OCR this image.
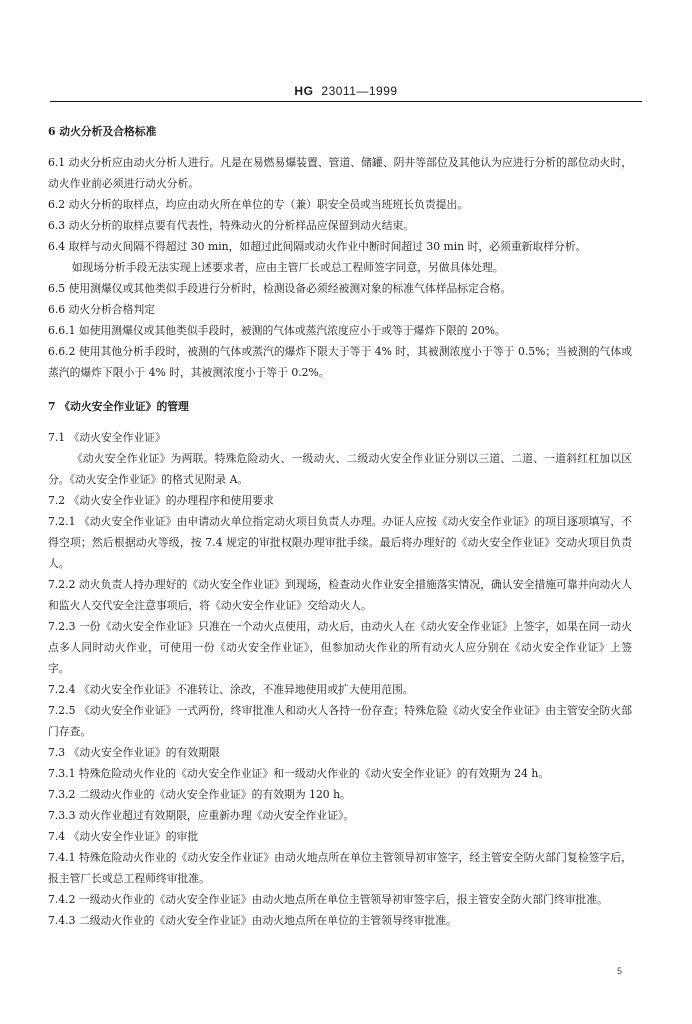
HG 23011—1999

6 动火分析及合格标准

6.1 动火分析应由动火分析人进行。凡是在易燃易爆装置、管道、储罐、阴井等部位及其他认为应进行分析的部位动火时，动火作业前必须进行动火分析。

6.2 动火分析的取样点，均应由动火所在单位的专（兼）职安全员或当班班长负责提出。

6.3 动火分析的取样点要有代表性，特殊动火的分析样品应保留到动火结束。

6.4 取样与动火间隔不得超过 30 min，如超过此间隔或动火作业中断时间超过 30 min 时，必须重新取样分析。

如现场分析手段无法实现上述要求者，应由主管厂长或总工程师签字同意，另做具体处理。

6.5 使用测爆仪或其他类似手段进行分析时，检测设备必须经被测对象的标准气体样品标定合格。

6.6 动火分析合格判定

6.6.1 如使用测爆仪或其他类似手段时，被测的气体或蒸汽浓度应小于或等于爆炸下限的 20%。

6.6.2 使用其他分析手段时，被测的气体或蒸汽的爆炸下限大于等于 4% 时，其被测浓度小于等于 0.5%；当被测的气体或蒸汽的爆炸下限小于 4% 时，其被测浓度小于等于 0.2%。

7 《动火安全作业证》的管理

7.1 《动火安全作业证》

《动火安全作业证》为两联。特殊危险动火、一级动火、二级动火安全作业证分别以三道、二道、一道斜红杠加以区分。《动火安全作业证》的格式见附录 A。

7.2 《动火安全作业证》的办理程序和使用要求

7.2.1 《动火安全作业证》由申请动火单位指定动火项目负责人办理。办证人应按《动火安全作业证》的项目逐项填写，不得空项；然后根据动火等级，按 7.4 规定的审批权限办理审批手续。最后将办理好的《动火安全作业证》交动火项目负责人。

7.2.2 动火负责人持办理好的《动火安全作业证》到现场，检查动火作业安全措施落实情况，确认安全措施可靠并向动火人和监火人交代安全注意事项后，将《动火安全作业证》交给动火人。

7.2.3 一份《动火安全作业证》只准在一个动火点使用，动火后，由动火人在《动火安全作业证》上签字，如果在同一动火点多人同时动火作业，可使用一份《动火安全作业证》，但参加动火作业的所有动火人应分别在《动火安全作业证》上签字。

7.2.4 《动火安全作业证》不准转让、涂改，不准异地使用或扩大使用范围。

7.2.5 《动火安全作业证》一式两份，终审批准人和动火人各持一份存查；特殊危险《动火安全作业证》由主管安全防火部门存查。

7.3 《动火安全作业证》的有效期限

7.3.1 特殊危险动火作业的《动火安全作业证》和一级动火作业的《动火安全作业证》的有效期为 24 h。

7.3.2 二级动火作业的《动火安全作业证》的有效期为 120 h。

7.3.3 动火作业超过有效期限，应重新办理《动火安全作业证》。

7.4 《动火安全作业证》的审批

7.4.1 特殊危险动火作业的《动火安全作业证》由动火地点所在单位主管领导初审签字，经主管安全防火部门复检签字后，报主管厂长或总工程师终审批准。

7.4.2 一级动火作业的《动火安全作业证》由动火地点所在单位主管领导初审签字后，报主管安全防火部门终审批准。

7.4.3 二级动火作业的《动火安全作业证》由动火地点所在单位的主管领导终审批准。

5
